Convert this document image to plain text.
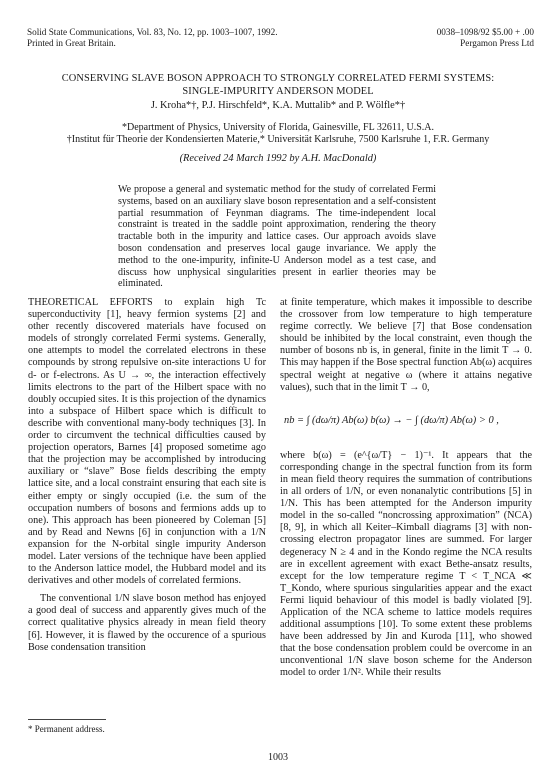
Solid State Communications, Vol. 83, No. 12, pp. 1003–1007, 1992.
Printed in Great Britain.
0038–1098/92 $5.00 + .00
Pergamon Press Ltd
CONSERVING SLAVE BOSON APPROACH TO STRONGLY CORRELATED FERMI SYSTEMS:
SINGLE-IMPURITY ANDERSON MODEL
J. Kroha*†, P.J. Hirschfeld*, K.A. Muttalib* and P. Wölfle*†
*Department of Physics, University of Florida, Gainesville, FL 32611, U.S.A.
†Institut für Theorie der Kondensierten Materie,* Universität Karlsruhe, 7500 Karlsruhe 1, F.R. Germany
(Received 24 March 1992 by A.H. MacDonald)
We propose a general and systematic method for the study of correlated Fermi systems, based on an auxiliary slave boson representation and a self-consistent partial resummation of Feynman diagrams. The time-independent local constraint is treated in the saddle point approximation, rendering the theory tractable both in the impurity and lattice cases. Our approach avoids slave boson condensation and preserves local gauge invariance. We apply the method to the one-impurity, infinite-U Anderson model as a test case, and discuss how unphysical singularities present in earlier theories may be eliminated.

THEORETICAL EFFORTS to explain high Tc superconductivity [1], heavy fermion systems [2] and other recently discovered materials have focused on models of strongly correlated Fermi systems. Generally, one attempts to model the correlated electrons in these compounds by strong repulsive on-site interactions U for d- or f-electrons. As U → ∞, the interaction effectively limits electrons to the part of the Hilbert space with no doubly occupied sites. It is this projection of the dynamics into a subspace of Hilbert space which is difficult to describe with conventional many-body techniques [3]. In order to circumvent the technical difficulties caused by projection operators, Barnes [4] proposed sometime ago that the projection may be accomplished by introducing auxiliary or “slave” Bose fields describing the empty lattice site, and a local constraint ensuring that each site is either empty or singly occupied (i.e. the sum of the occupation numbers of bosons and fermions adds up to one). This approach has been pioneered by Coleman [5] and by Read and Newns [6] in conjunction with a 1/N expansion for the N-orbital single impurity Anderson model. Later versions of the technique have been applied to the Anderson lattice model, the Hubbard model and its derivatives and other models of correlated fermions.

The conventional 1/N slave boson method has enjoyed a good deal of success and apparently gives much of the correct qualitative physics already in mean field theory [6]. However, it is flawed by the occurence of a spurious Bose condensation transition

at finite temperature, which makes it impossible to describe the crossover from low temperature to high temperature regime correctly. We believe [7] that Bose condensation should be inhibited by the local constraint, even though the number of bosons nb is, in general, finite in the limit T → 0. This may happen if the Bose spectral function Ab(ω) acquires spectral weight at negative ω (where it attains negative values), such that in the limit T → 0,

nb = ∫ (dω/π) Ab(ω) b(ω) → − ∫ (dω/π) Ab(ω) > 0 ,

where b(ω) = (e^{ω/T} − 1)⁻¹. It appears that the corresponding change in the spectral function from its form in mean field theory requires the summation of contributions in all orders of 1/N, or even nonanalytic contributions [5] in 1/N. This has been attempted for the Anderson impurity model in the so-called “noncrossing approximation” (NCA) [8, 9], in which all Keiter–Kimball diagrams [3] with non-crossing electron propagator lines are summed. For larger degeneracy N ≥ 4 and in the Kondo regime the NCA results are in excellent agreement with exact Bethe-ansatz results, except for the low temperature regime T < T_NCA ≪ T_Kondo, where spurious singularities appear and the exact Fermi liquid behaviour of this model is badly violated [9]. Application of the NCA scheme to lattice models requires additional assumptions [10]. To some extent these problems have been addressed by Jin and Kuroda [11], who showed that the bose condensation problem could be overcome in an unconventional 1/N slave boson scheme for the Anderson model to order 1/N². While their results

* Permanent address.
1003
